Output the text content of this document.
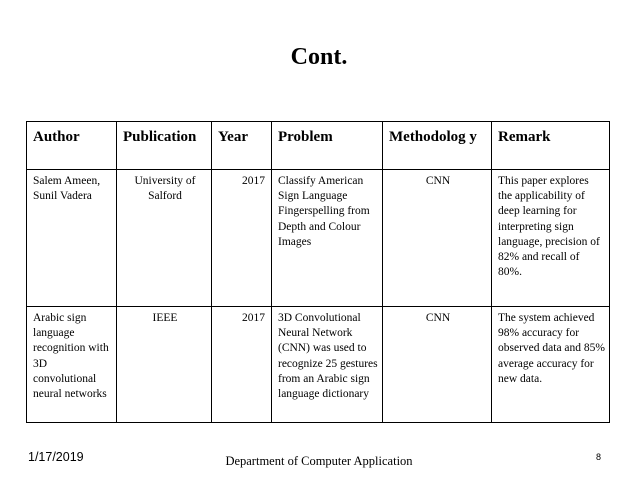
Cont.
Author	Publication	Year	Problem	Methodolog y	Remark
Salem Ameen, Sunil Vadera	University of Salford	2017	Classify American Sign Language Fingerspelling from Depth and Colour Images	CNN	This paper explores the applicability of deep learning for interpreting sign language, precision of 82% and recall of 80%.
Arabic sign language recognition with 3D convolutional neural networks	IEEE	2017	3D Convolutional Neural Network (CNN) was used to recognize 25 gestures from an Arabic sign language dictionary	CNN	The system achieved 98% accuracy for observed data and 85% average accuracy for new data.
1/17/2019	Department of Computer Application	8
